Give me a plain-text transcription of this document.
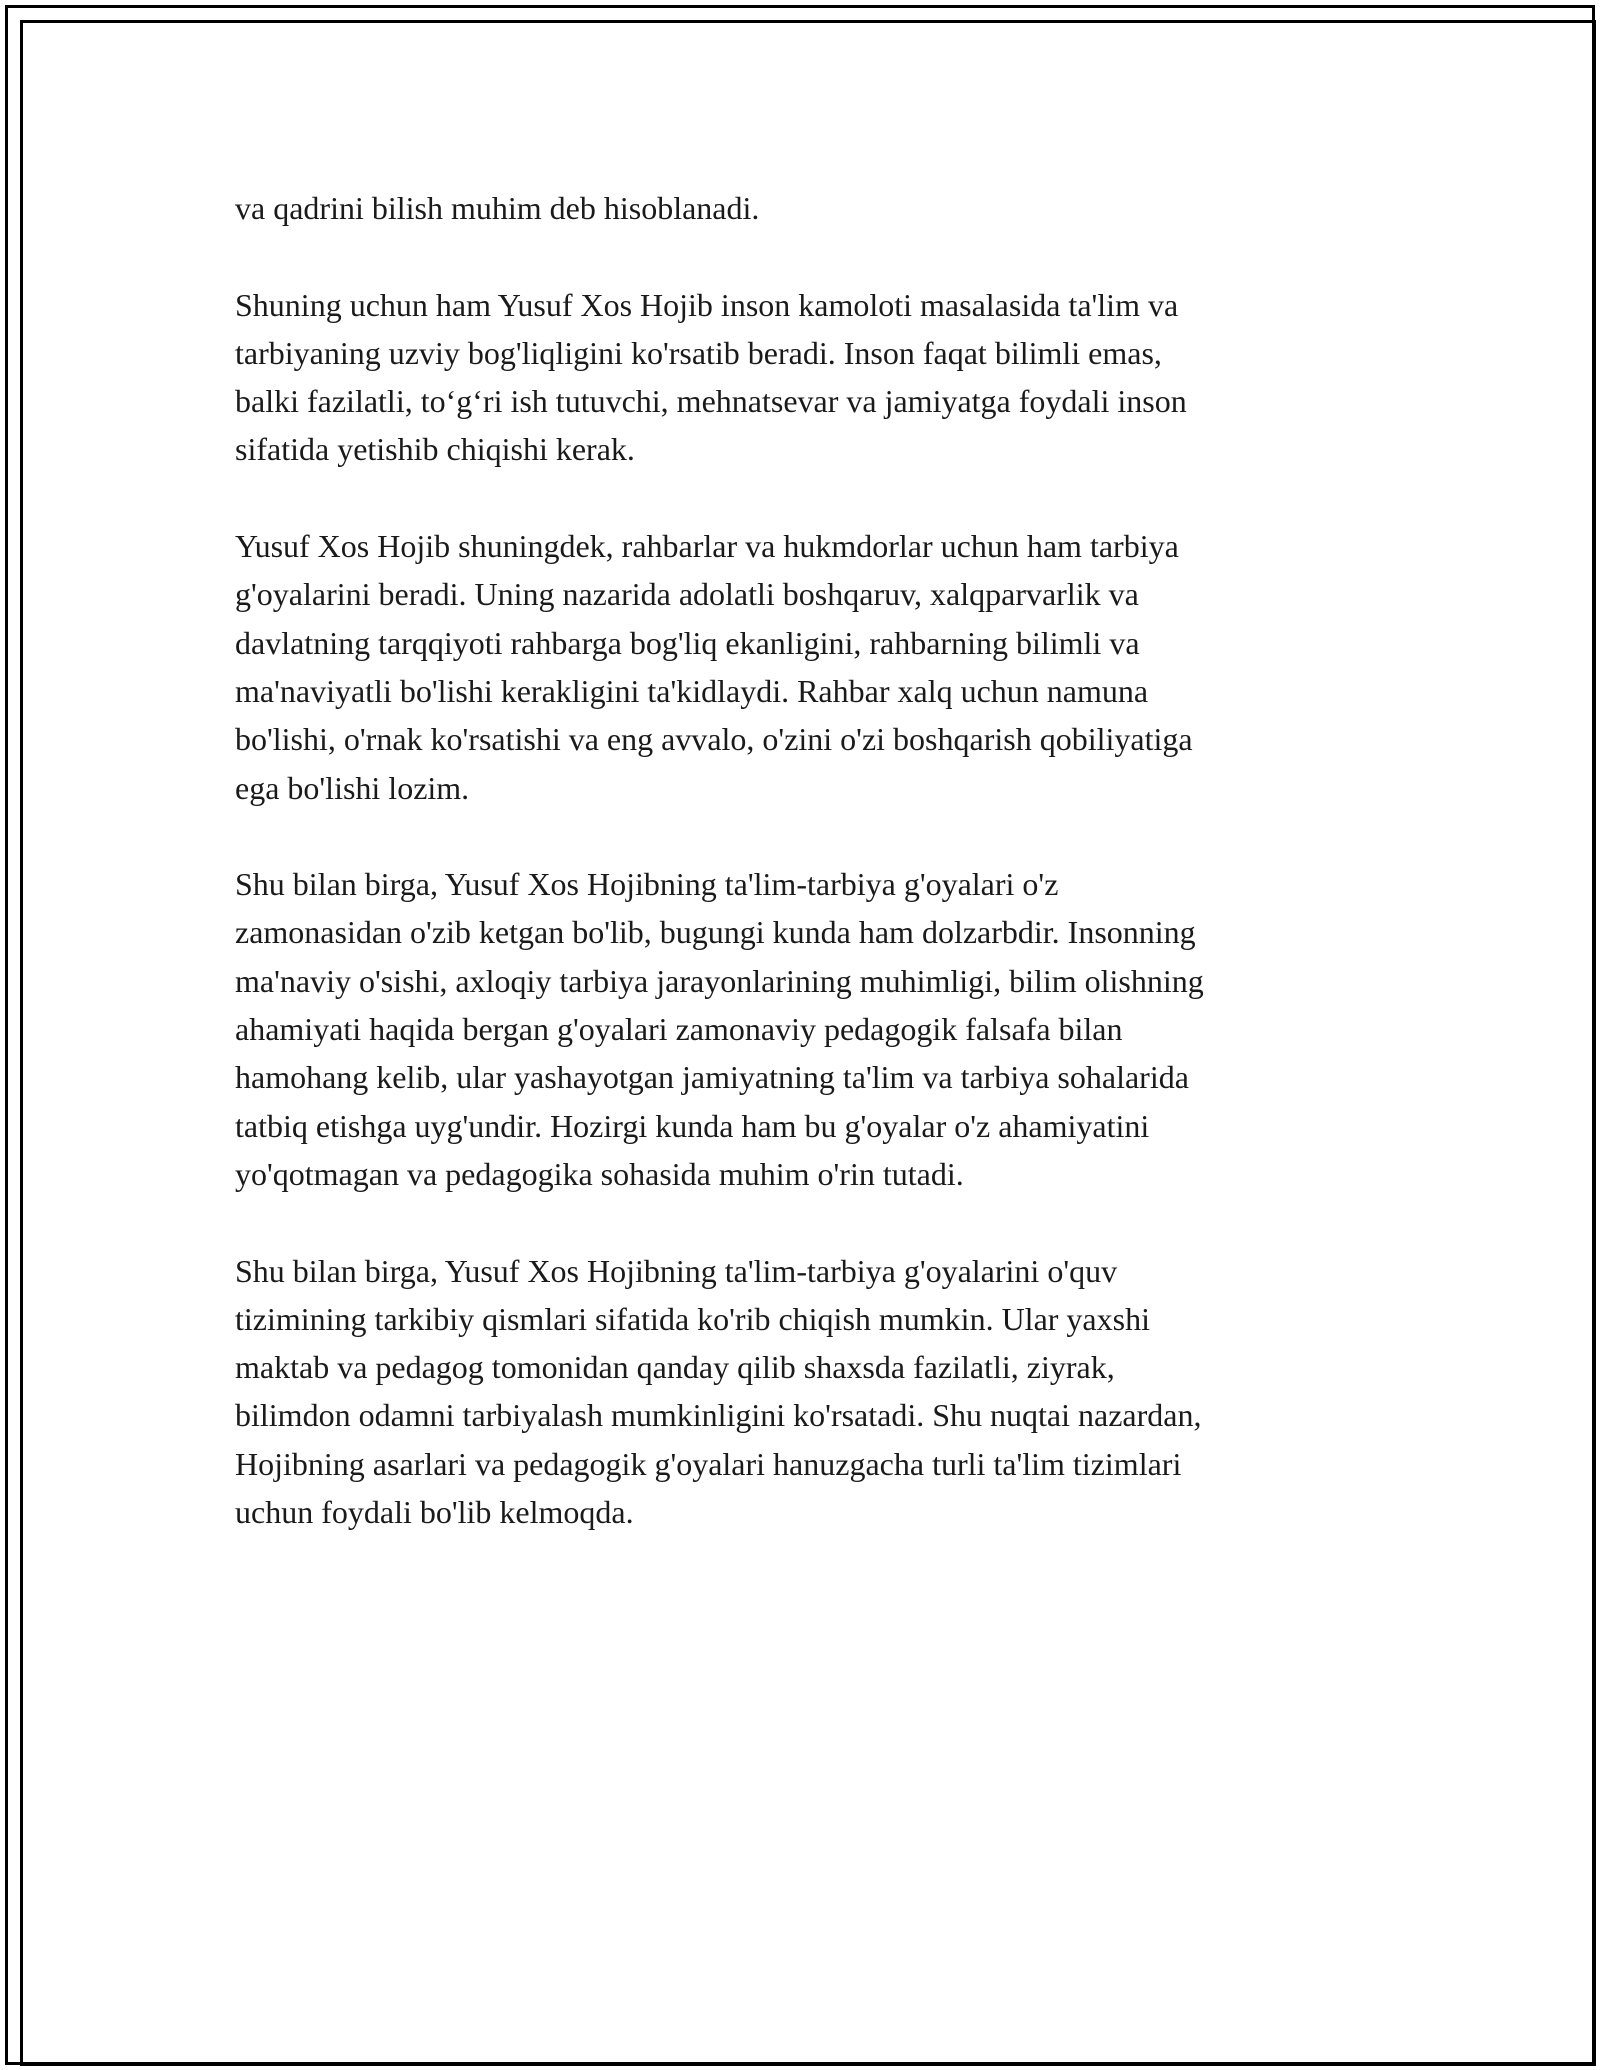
va qadrini bilish muhim deb hisoblanadi.

Shuning uchun ham Yusuf Xos Hojib inson kamoloti masalasida ta'lim va
tarbiyaning uzviy bog'liqligini ko'rsatib beradi. Inson faqat bilimli emas,
balki fazilatli, to‘g‘ri ish tutuvchi, mehnatsevar va jamiyatga foydali inson
sifatida yetishib chiqishi kerak.

Yusuf Xos Hojib shuningdek, rahbarlar va hukmdorlar uchun ham tarbiya
g'oyalarini beradi. Uning nazarida adolatli boshqaruv, xalqparvarlik va
davlatning tarqqiyoti rahbarga bog'liq ekanligini, rahbarning bilimli va
ma'naviyatli bo'lishi kerakligini ta'kidlaydi. Rahbar xalq uchun namuna
bo'lishi, o'rnak ko'rsatishi va eng avvalo, o'zini o'zi boshqarish qobiliyatiga
ega bo'lishi lozim.

Shu bilan birga, Yusuf Xos Hojibning ta'lim-tarbiya g'oyalari o'z
zamonasidan o'zib ketgan bo'lib, bugungi kunda ham dolzarbdir. Insonning
ma'naviy o'sishi, axloqiy tarbiya jarayonlarining muhimligi, bilim olishning
ahamiyati haqida bergan g'oyalari zamonaviy pedagogik falsafa bilan
hamohang kelib, ular yashayotgan jamiyatning ta'lim va tarbiya sohalarida
tatbiq etishga uyg'undir. Hozirgi kunda ham bu g'oyalar o'z ahamiyatini
yo'qotmagan va pedagogika sohasida muhim o'rin tutadi.

Shu bilan birga, Yusuf Xos Hojibning ta'lim-tarbiya g'oyalarini o'quv
tizimining tarkibiy qismlari sifatida ko'rib chiqish mumkin. Ular yaxshi
maktab va pedagog tomonidan qanday qilib shaxsda fazilatli, ziyrak,
bilimdon odamni tarbiyalash mumkinligini ko'rsatadi. Shu nuqtai nazardan,
Hojibning asarlari va pedagogik g'oyalari hanuzgacha turli ta'lim tizimlari
uchun foydali bo'lib kelmoqda.
